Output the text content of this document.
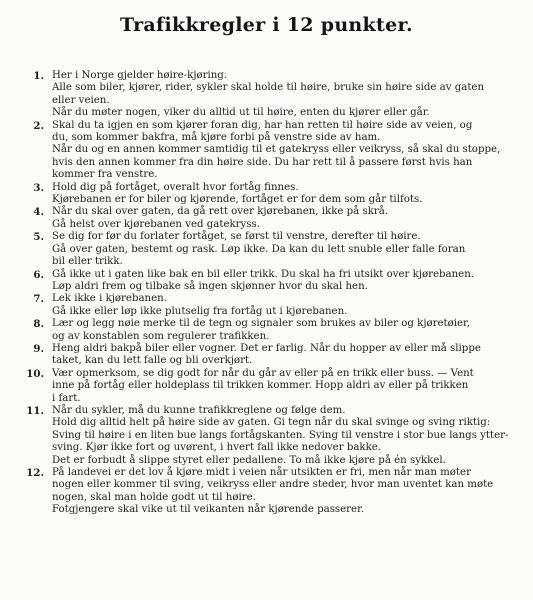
Trafikkregler i 12 punkter.
1. Her i Norge gjelder høire-kjøring.
Alle som biler, kjører, rider, sykler skal holde til høire, bruke sin høire side av gaten
eller veien.
Når du møter nogen, viker du alltid ut til høire, enten du kjører eller går.
2. Skal du ta igjen en som kjører foran dig, har han retten til høire side av veien, og
du, som kommer bakfra, må kjøre forbi på venstre side av ham.
Når du og en annen kommer samtidig til et gatekryss eller veikryss, så skal du stoppe,
hvis den annen kommer fra din høire side. Du har rett til å passere først hvis han
kommer fra venstre.
3. Hold dig på fortåget, overalt hvor fortåg finnes.
Kjørebanen er for biler og kjørende, fortåget er for dem som går tilfots.
4. Når du skal over gaten, da gå rett over kjørebanen, ikke på skrå.
Gå helst over kjørebanen ved gatekryss.
5. Se dig for før du forlater fortåget, se først til venstre, derefter til høire.
Gå over gaten, bestemt og rask. Løp ikke. Da kan du lett snuble eller falle foran
bil eller trikk.
6. Gå ikke ut i gaten like bak en bil eller trikk. Du skal ha fri utsikt over kjørebanen.
Løp aldri frem og tilbake så ingen skjønner hvor du skal hen.
7. Lek ikke i kjørebanen.
Gå ikke eller løp ikke plutselig fra fortåg ut i kjørebanen.
8. Lær og legg nøie merke til de tegn og signaler som brukes av biler og kjøretøier,
og av konstablen som regulerer trafikken.
9. Heng aldri bakpå biler eller vogner. Det er farlig. Når du hopper av eller må slippe
taket, kan du lett falle og bli overkjørt.
10. Vær opmerksom, se dig godt for når du går av eller på en trikk eller buss. — Vent
inne på fortåg eller holdeplass til trikken kommer. Hopp aldri av eller på trikken
i fart.
11. Når du sykler, må du kunne trafikkreglene og følge dem.
Hold dig alltid helt på høire side av gaten. Gi tegn når du skal svinge og sving riktig:
Sving til høire i en liten bue langs fortågskanten. Sving til venstre i stor bue langs ytter-
sving. Kjør ikke fort og uvørent, i hvert fall ikke nedover bakke.
Det er forbudt å slippe styret eller pedallene. To må ikke kjøre på én sykkel.
12. På landevei er det lov å kjøre midt i veien når utsikten er fri, men når man møter
nogen eller kommer til sving, veikryss eller andre steder, hvor man uventet kan møte
nogen, skal man holde godt ut til høire.
Fotgjengere skal vike ut til veikanten når kjørende passerer.
